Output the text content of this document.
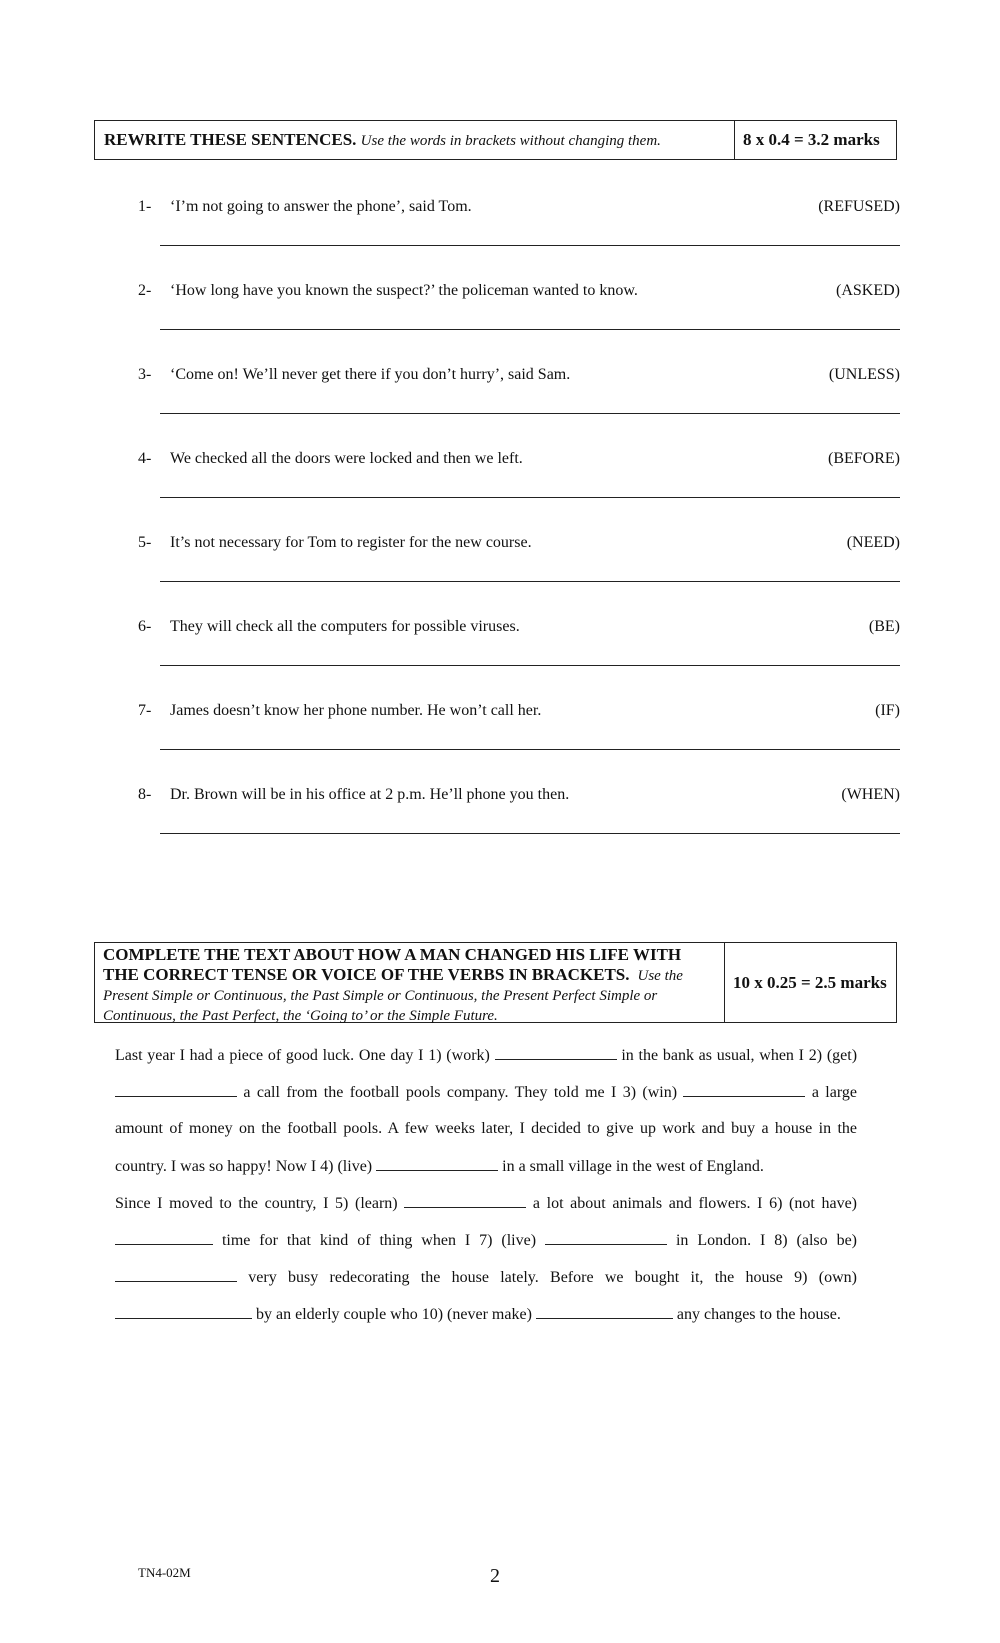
REWRITE THESE SENTENCES. Use the words in brackets without changing them.	8 x 0.4 = 3.2 marks
1- ‘I’m not going to answer the phone’, said Tom.	(REFUSED)
2- ‘How long have you known the suspect?’ the policeman wanted to know.	(ASKED)
3- ‘Come on! We’ll never get there if you don’t hurry’, said Sam.	(UNLESS)
4- We checked all the doors were locked and then we left.	(BEFORE)
5- It’s not necessary for Tom to register for the new course.	(NEED)
6- They will check all the computers for possible viruses.	(BE)
7- James doesn’t know her phone number. He won’t call her.	(IF)
8- Dr. Brown will be in his office at 2 p.m. He’ll phone you then.	(WHEN)
COMPLETE THE TEXT ABOUT HOW A MAN CHANGED HIS LIFE WITH
THE CORRECT TENSE OR VOICE OF THE VERBS IN BRACKETS. Use the
Present Simple or Continuous, the Past Simple or Continuous, the Present Perfect Simple or
Continuous, the Past Perfect, the ‘Going to’ or the Simple Future.
10 x 0.25 = 2.5 marks
Last year I had a piece of good luck. One day I 1) (work)	in the bank as usual, when I 2) (get)
a call from the football pools company. They told me I 3) (win)	a large
amount of money on the football pools. A few weeks later, I decided to give up work and buy a house in the
country. I was so happy! Now I 4) (live)	in a small village in the west of England.
Since I moved to the country, I 5) (learn)	a lot about animals and flowers. I 6) (not have)
time for that kind of thing when I 7) (live)	in London. I 8) (also be)
very busy redecorating the house lately. Before we bought it, the house 9) (own)
by an elderly couple who 10) (never make)	any changes to the house.
TN4-02M	2
